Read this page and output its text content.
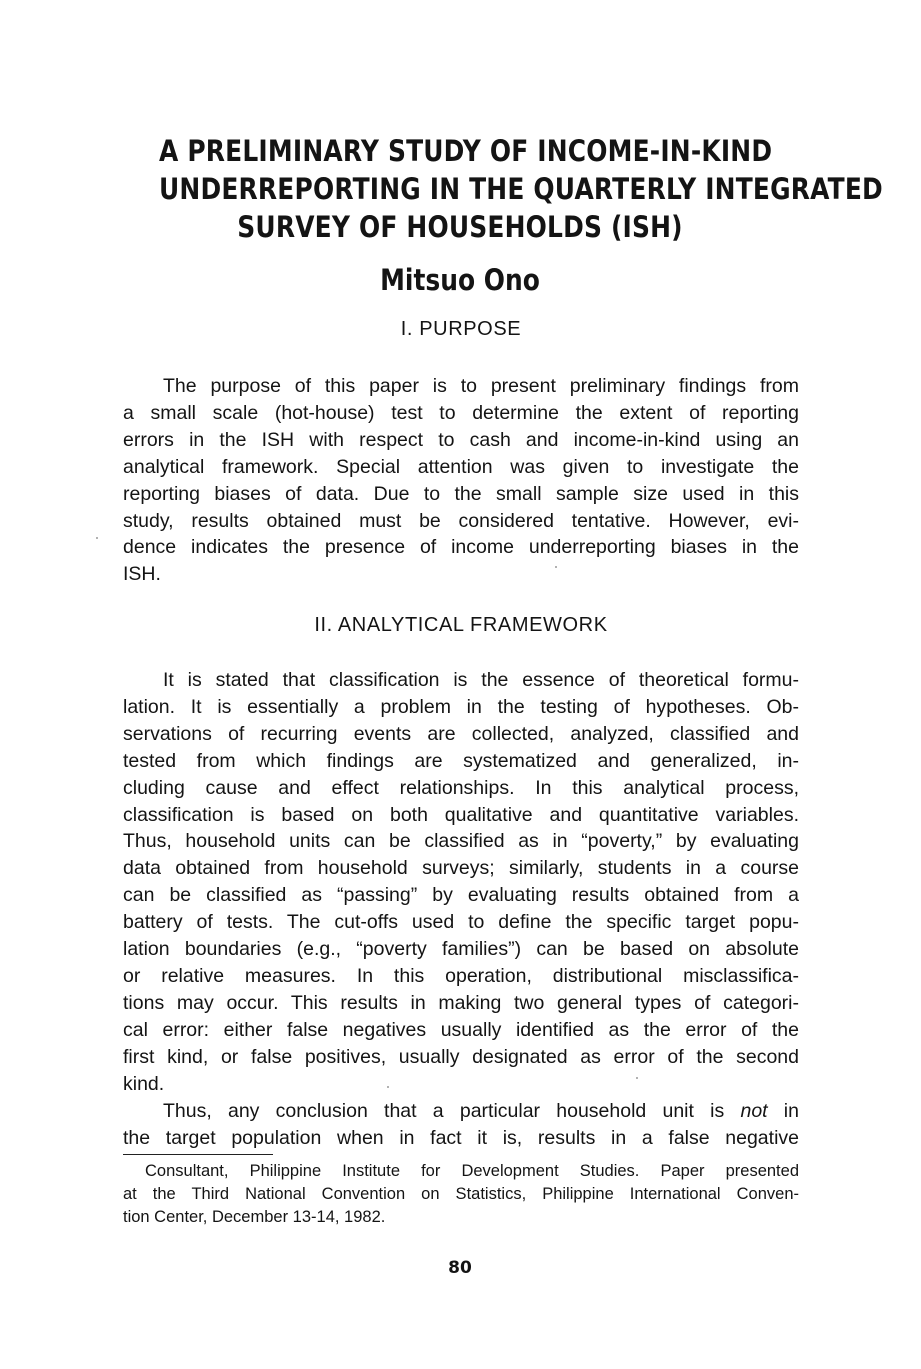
A PRELIMINARY STUDY OF INCOME-IN-KIND
UNDERREPORTING IN THE QUARTERLY INTEGRATED
SURVEY OF HOUSEHOLDS (ISH)
Mitsuo Ono
I. PURPOSE

The purpose of this paper is to present preliminary findings from
a small scale (hot-house) test to determine the extent of reporting
errors in the ISH with respect to cash and income-in-kind using an
analytical framework. Special attention was given to investigate the
reporting biases of data. Due to the small sample size used in this
study, results obtained must be considered tentative. However, evi-
dence indicates the presence of income underreporting biases in the
ISH.

II. ANALYTICAL FRAMEWORK

It is stated that classification is the essence of theoretical formu-
lation. It is essentially a problem in the testing of hypotheses. Ob-
servations of recurring events are collected, analyzed, classified and
tested from which findings are systematized and generalized, in-
cluding cause and effect relationships. In this analytical process,
classification is based on both qualitative and quantitative variables.
Thus, household units can be classified as in “poverty,” by evaluating
data obtained from household surveys; similarly, students in a course
can be classified as “passing” by evaluating results obtained from a
battery of tests. The cut-offs used to define the specific target popu-
lation boundaries (e.g., “poverty families”) can be based on absolute
or relative measures. In this operation, distributional misclassifica-
tions may occur. This results in making two general types of categori-
cal error: either false negatives usually identified as the error of the
first kind, or false positives, usually designated as error of the second
kind.

Thus, any conclusion that a particular household unit is not in
the target population when in fact it is, results in a false negative

Consultant, Philippine Institute for Development Studies. Paper presented
at the Third National Convention on Statistics, Philippine International Conven-
tion Center, December 13-14, 1982.

80
